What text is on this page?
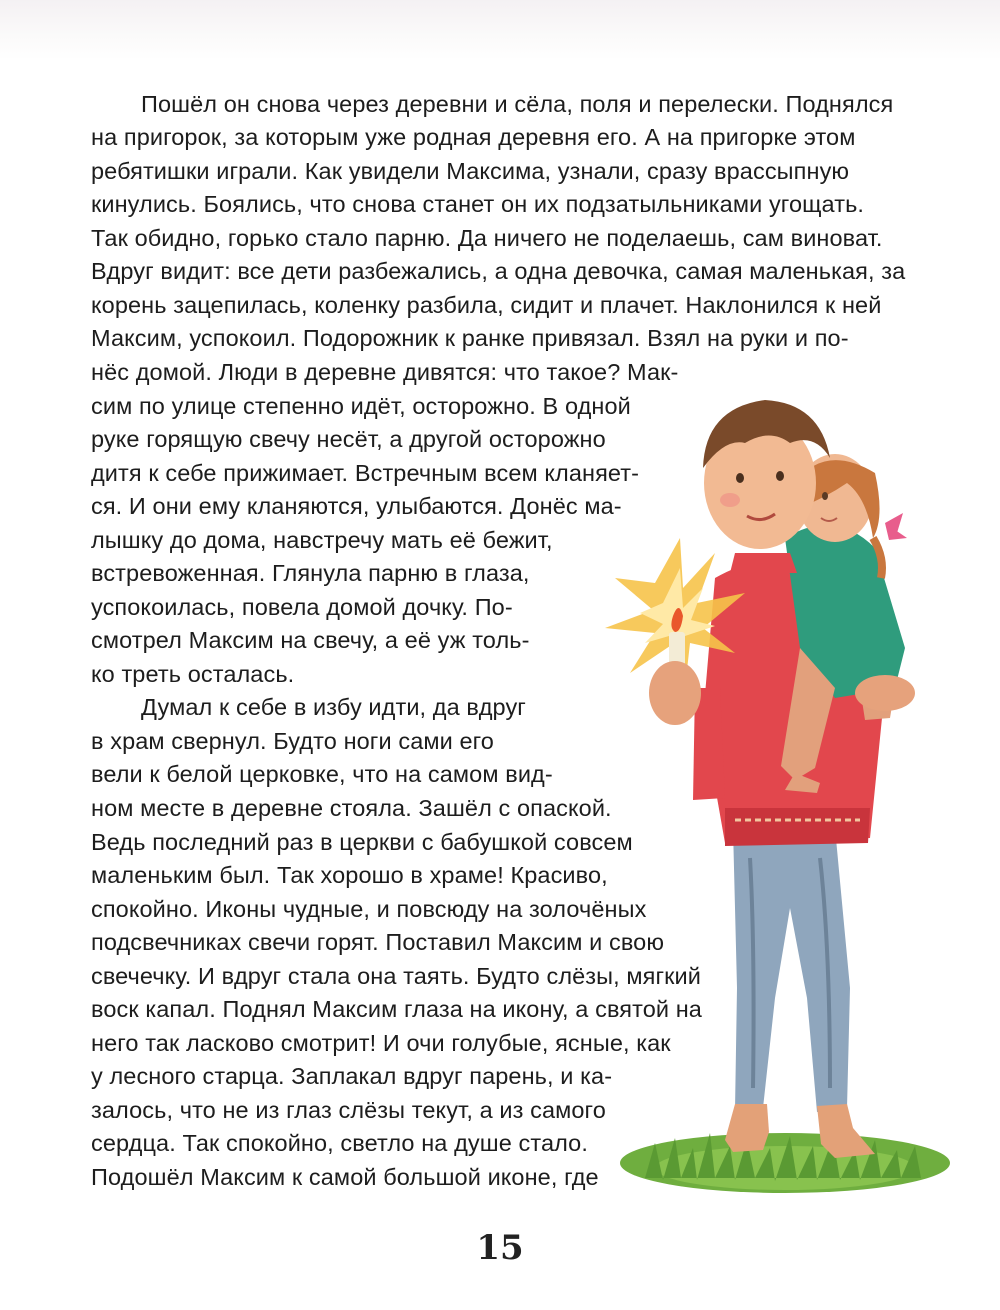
Пошёл он снова через деревни и сёла, поля и перелески. Поднялся

на пригорок, за которым уже родная деревня его. А на пригорке этом

ребятишки играли. Как увидели Максима, узнали, сразу врассыпную

кинулись. Боялись, что снова станет он их подзатыльниками угощать.

Так обидно, горько стало парню. Да ничего не поделаешь, сам виноват.

Вдруг видит: все дети разбежались, а одна девочка, самая маленькая, за

корень зацепилась, коленку разбила, сидит и плачет. Наклонился к ней

Максим, успокоил. Подорожник к ранке привязал. Взял на руки и по-

нёс домой. Люди в деревне дивятся: что такое? Мак-

сим по улице степенно идёт, осторожно. В одной

руке горящую свечу несёт, а другой осторожно

дитя к себе прижимает. Встречным всем кланяет-

ся. И они ему кланяются, улыбаются. Донёс ма-

лышку до дома, навстречу мать её бежит,

встревоженная. Глянула парню в глаза,

успокоилась, повела домой дочку. По-

смотрел Максим на свечу, а её уж толь-

ко треть осталась.

Думал к себе в избу идти, да вдруг

в храм свернул. Будто ноги сами его

вели к белой церковке, что на самом вид-

ном месте в деревне стояла. Зашёл с опаской.

Ведь последний раз в церкви с бабушкой совсем

маленьким был. Так хорошо в храме! Красиво,

спокойно. Иконы чудные, и повсюду на золочёных

подсвечниках свечи горят. Поставил Максим и свою

свечечку. И вдруг стала она таять. Будто слёзы, мягкий

воск капал. Поднял Максим глаза на икону, а святой на

него так ласково смотрит! И очи голубые, ясные, как

у лесного старца. Заплакал вдруг парень, и ка-

залось, что не из глаз слёзы текут, а из самого

сердца. Так спокойно, светло на душе стало.

Подошёл Максим к самой большой иконе, где

15
